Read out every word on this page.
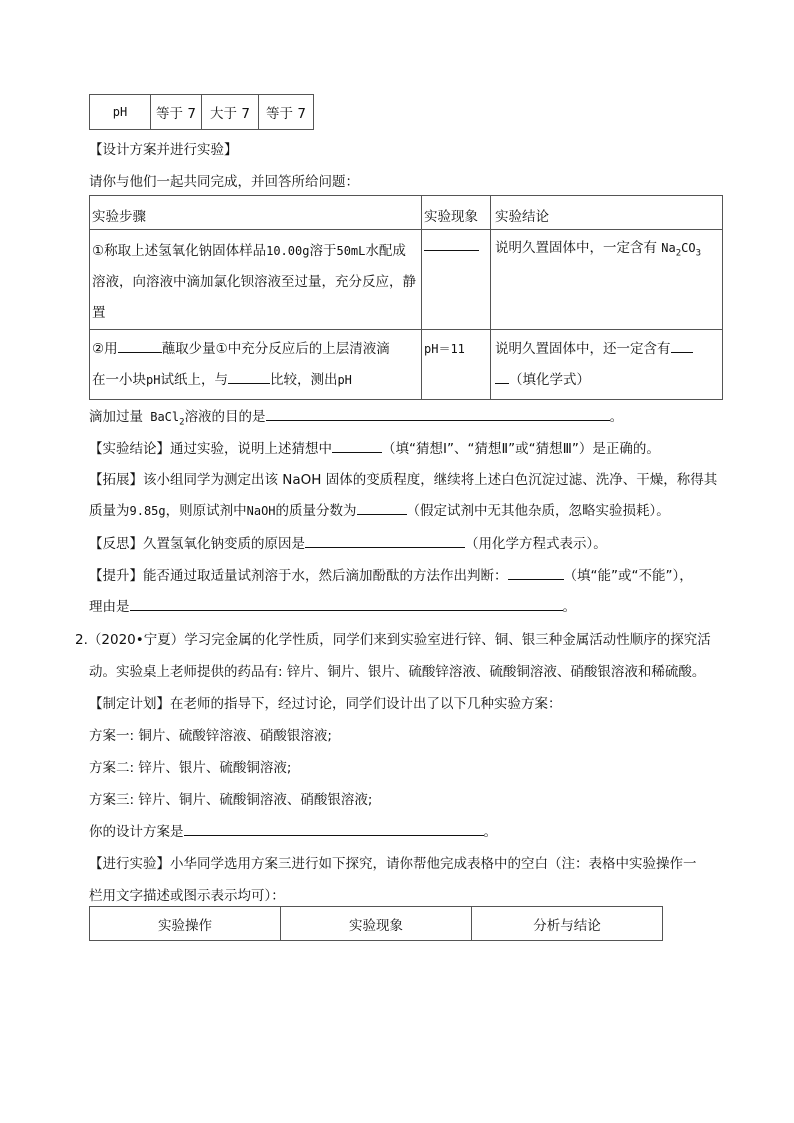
pH	等于 7	大于 7	等于 7
【设计方案并进行实验】
请你与他们一起共同完成，并回答所给问题：
实验步骤	实验现象	实验结论
①称取上述氢氧化钠固体样品10.00g溶于50mL水配成
溶液，向溶液中滴加氯化钡溶液至过量，充分反应，静
置		说明久置固体中，一定含有 $Na_2CO_3$
②用 蘸取少量①中充分反应后的上层清液滴
在一小块pH试纸上，与 比较，测出pH	pH＝11	说明久置固体中，还一定含有
（填化学式）
滴加过量 BaCl$_2$溶液的目的是	。
【实验结论】通过实验，说明上述猜想中	（填“猜想Ⅰ”、“猜想Ⅱ”或“猜想Ⅲ”）是正确的。
【拓展】该小组同学为测定出该 NaOH 固体的变质程度，继续将上述白色沉淀过滤、洗净、干燥，称得其
质量为9.85g，则原试剂中NaOH的质量分数为	（假定试剂中无其他杂质，忽略实验损耗）。
【反思】久置氢氧化钠变质的原因是	（用化学方程式表示）。
【提升】能否通过取适量试剂溶于水，然后滴加酚酞的方法作出判断：	（填“能”或“不能”），
理由是	。
2.（2020•宁夏）学习完金属的化学性质，同学们来到实验室进行锌、铜、银三种金属活动性顺序的探究活
动。实验桌上老师提供的药品有: 锌片、铜片、银片、硫酸锌溶液、硫酸铜溶液、硝酸银溶液和稀硫酸。
【制定计划】在老师的指导下，经过讨论，同学们设计出了以下几种实验方案：
方案一: 铜片、硫酸锌溶液、硝酸银溶液;
方案二: 锌片、银片、硫酸铜溶液;
方案三: 锌片、铜片、硫酸铜溶液、硝酸银溶液;
你的设计方案是	。
【进行实验】小华同学选用方案三进行如下探究，请你帮他完成表格中的空白（注：表格中实验操作一
栏用文字描述或图示表示均可）：
实验操作	实验现象	分析与结论
